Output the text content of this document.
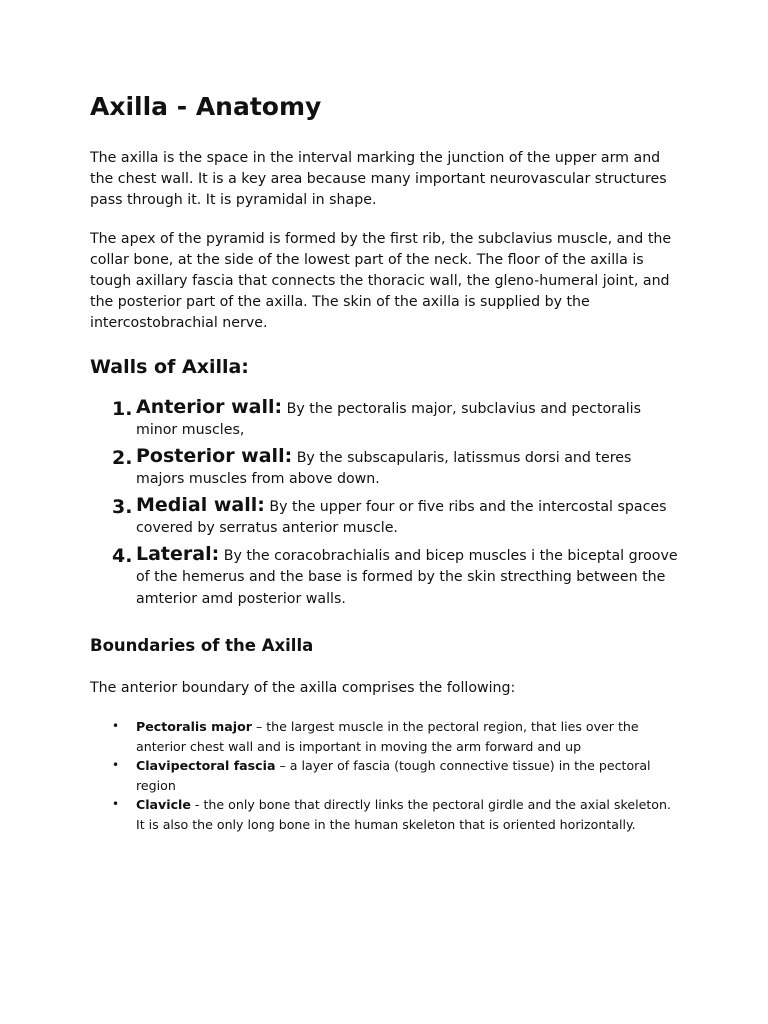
Axilla - Anatomy

The axilla is the space in the interval marking the junction of the upper arm and the chest wall. It is a key area because many important neurovascular structures pass through it. It is pyramidal in shape.

The apex of the pyramid is formed by the first rib, the subclavius muscle, and the collar bone, at the side of the lowest part of the neck. The floor of the axilla is tough axillary fascia that connects the thoracic wall, the gleno-humeral joint, and the posterior part of the axilla. The skin of the axilla is supplied by the intercostobrachial nerve.

Walls of Axilla:
1. Anterior wall: By the pectoralis major, subclavius and pectoralis minor muscles,
2. Posterior wall: By the subscapularis, latissmus dorsi and teres majors muscles from above down.
3. Medial wall: By the upper four or five ribs and the intercostal spaces covered by serratus anterior muscle.
4. Lateral: By the coracobrachialis and bicep muscles i the biceptal groove of the hemerus and the base is formed by the skin strecthing between the amterior amd posterior walls.
Boundaries of the Axilla

The anterior boundary of the axilla comprises the following:

• Pectoralis major – the largest muscle in the pectoral region, that lies over the anterior chest wall and is important in moving the arm forward and up
• Clavipectoral fascia – a layer of fascia (tough connective tissue) in the pectoral region
• Clavicle - the only bone that directly links the pectoral girdle and the axial skeleton. It is also the only long bone in the human skeleton that is oriented horizontally.
